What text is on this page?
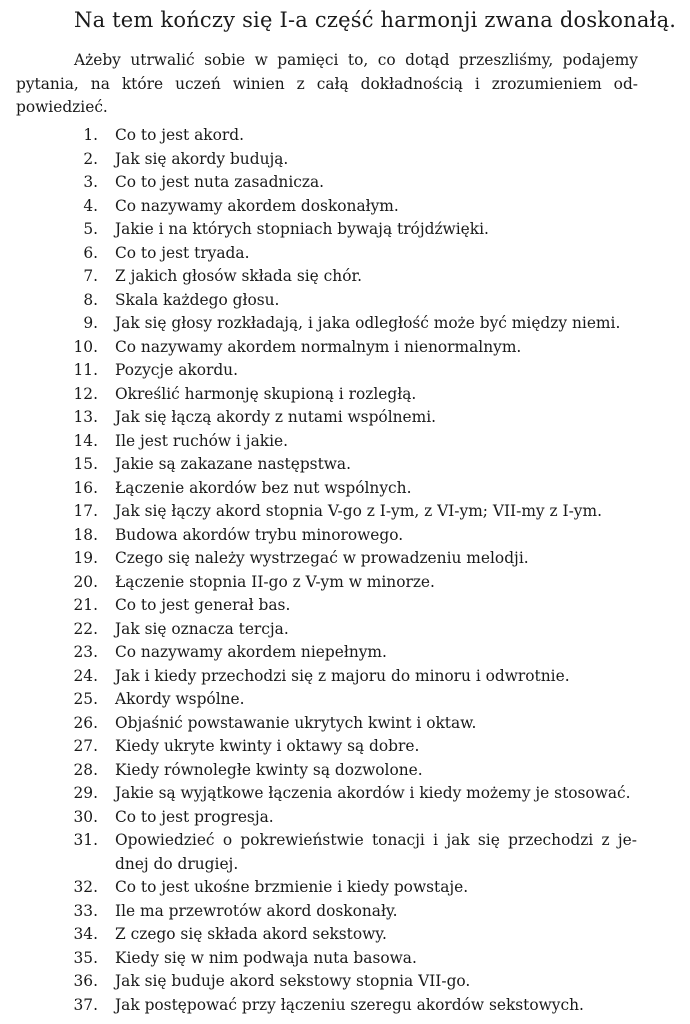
Na tem kończy się I-a część harmonji zwana doskonałą.
Ażeby utrwalić sobie w pamięci to, co dotąd przeszliśmy, podajemy
pytania, na które uczeń winien z całą dokładnością i zrozumieniem od-
powiedzieć.
1. Co to jest akord.
2. Jak się akordy budują.
3. Co to jest nuta zasadnicza.
4. Co nazywamy akordem doskonałym.
5. Jakie i na których stopniach bywają trójdźwięki.
6. Co to jest tryada.
7. Z jakich głosów składa się chór.
8. Skala każdego głosu.
9. Jak się głosy rozkładają, i jaka odległość może być między niemi.
10. Co nazywamy akordem normalnym i nienormalnym.
11. Pozycje akordu.
12. Określić harmonję skupioną i rozległą.
13. Jak się łączą akordy z nutami wspólnemi.
14. Ile jest ruchów i jakie.
15. Jakie są zakazane następstwa.
16. Łączenie akordów bez nut wspólnych.
17. Jak się łączy akord stopnia V-go z I-ym, z VI-ym; VII-my z I-ym.
18. Budowa akordów trybu minorowego.
19. Czego się należy wystrzegać w prowadzeniu melodji.
20. Łączenie stopnia II-go z V-ym w minorze.
21. Co to jest generał bas.
22. Jak się oznacza tercja.
23. Co nazywamy akordem niepełnym.
24. Jak i kiedy przechodzi się z majoru do minoru i odwrotnie.
25. Akordy wspólne.
26. Objaśnić powstawanie ukrytych kwint i oktaw.
27. Kiedy ukryte kwinty i oktawy są dobre.
28. Kiedy równoległe kwinty są dozwolone.
29. Jakie są wyjątkowe łączenia akordów i kiedy możemy je stosować.
30. Co to jest progresja.
31. Opowiedzieć o pokrewieństwie tonacji i jak się przechodzi z je-
dnej do drugiej.
32. Co to jest ukośne brzmienie i kiedy powstaje.
33. Ile ma przewrotów akord doskonały.
34. Z czego się składa akord sekstowy.
35. Kiedy się w nim podwaja nuta basowa.
36. Jak się buduje akord sekstowy stopnia VII-go.
37. Jak postępować przy łączeniu szeregu akordów sekstowych.
